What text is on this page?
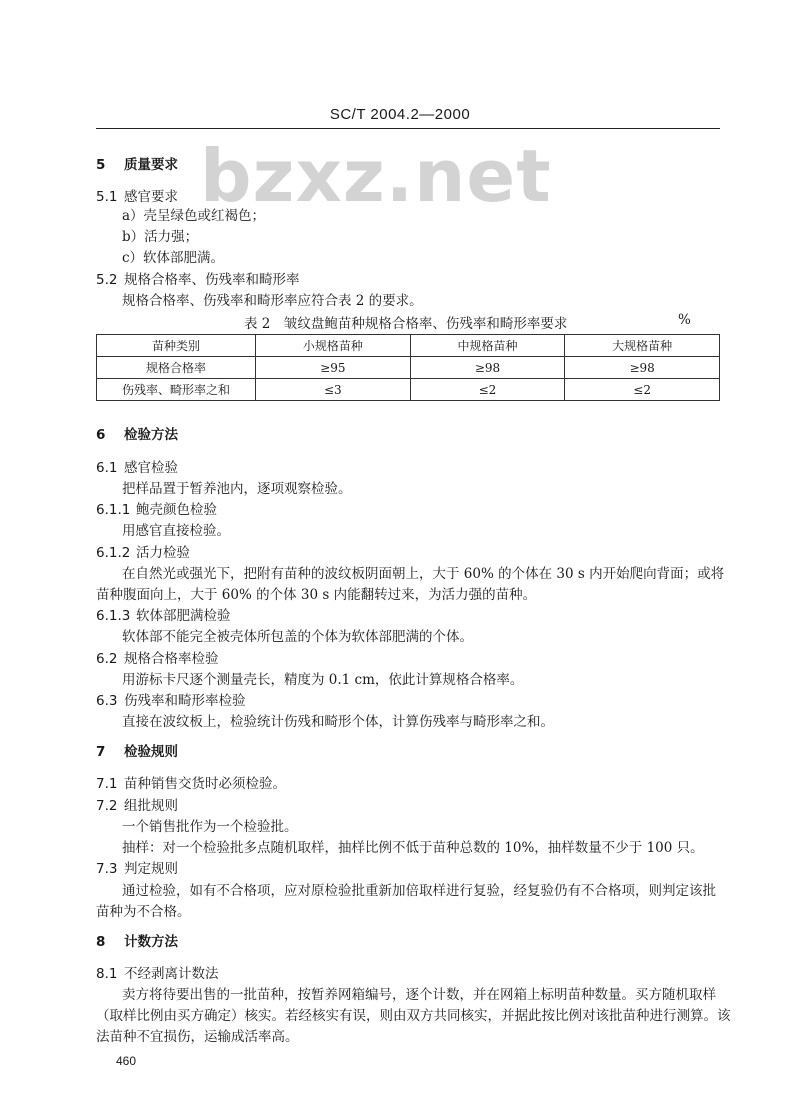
SC/T 2004.2—2000
bzxz.net
5 质量要求
5.1 感官要求
a）壳呈绿色或红褐色；
b）活力强；
c）软体部肥满。
5.2 规格合格率、伤残率和畸形率
规格合格率、伤残率和畸形率应符合表 2 的要求。
表 2　皱纹盘鲍苗种规格合格率、伤残率和畸形率要求	%
苗种类别	小规格苗种	中规格苗种	大规格苗种
规格合格率	≥95	≥98	≥98
伤残率、畸形率之和	≤3	≤2	≤2
6 检验方法
6.1 感官检验
把样品置于暂养池内，逐项观察检验。
6.1.1 鲍壳颜色检验
用感官直接检验。
6.1.2 活力检验
在自然光或强光下，把附有苗种的波纹板阴面朝上，大于 60% 的个体在 30 s 内开始爬向背面；或将
苗种腹面向上，大于 60% 的个体 30 s 内能翻转过来，为活力强的苗种。
6.1.3 软体部肥满检验
软体部不能完全被壳体所包盖的个体为软体部肥满的个体。
6.2 规格合格率检验
用游标卡尺逐个测量壳长，精度为 0.1 cm，依此计算规格合格率。
6.3 伤残率和畸形率检验
直接在波纹板上，检验统计伤残和畸形个体，计算伤残率与畸形率之和。
7 检验规则
7.1 苗种销售交货时必须检验。
7.2 组批规则
一个销售批作为一个检验批。
抽样：对一个检验批多点随机取样，抽样比例不低于苗种总数的 10%，抽样数量不少于 100 只。
7.3 判定规则
通过检验，如有不合格项，应对原检验批重新加倍取样进行复验，经复验仍有不合格项，则判定该批
苗种为不合格。
8 计数方法
8.1 不经剥离计数法
卖方将待要出售的一批苗种，按暂养网箱编号，逐个计数，并在网箱上标明苗种数量。买方随机取样
（取样比例由买方确定）核实。若经核实有误，则由双方共同核实，并据此按比例对该批苗种进行测算。该
法苗种不宜损伤，运输成活率高。
460
